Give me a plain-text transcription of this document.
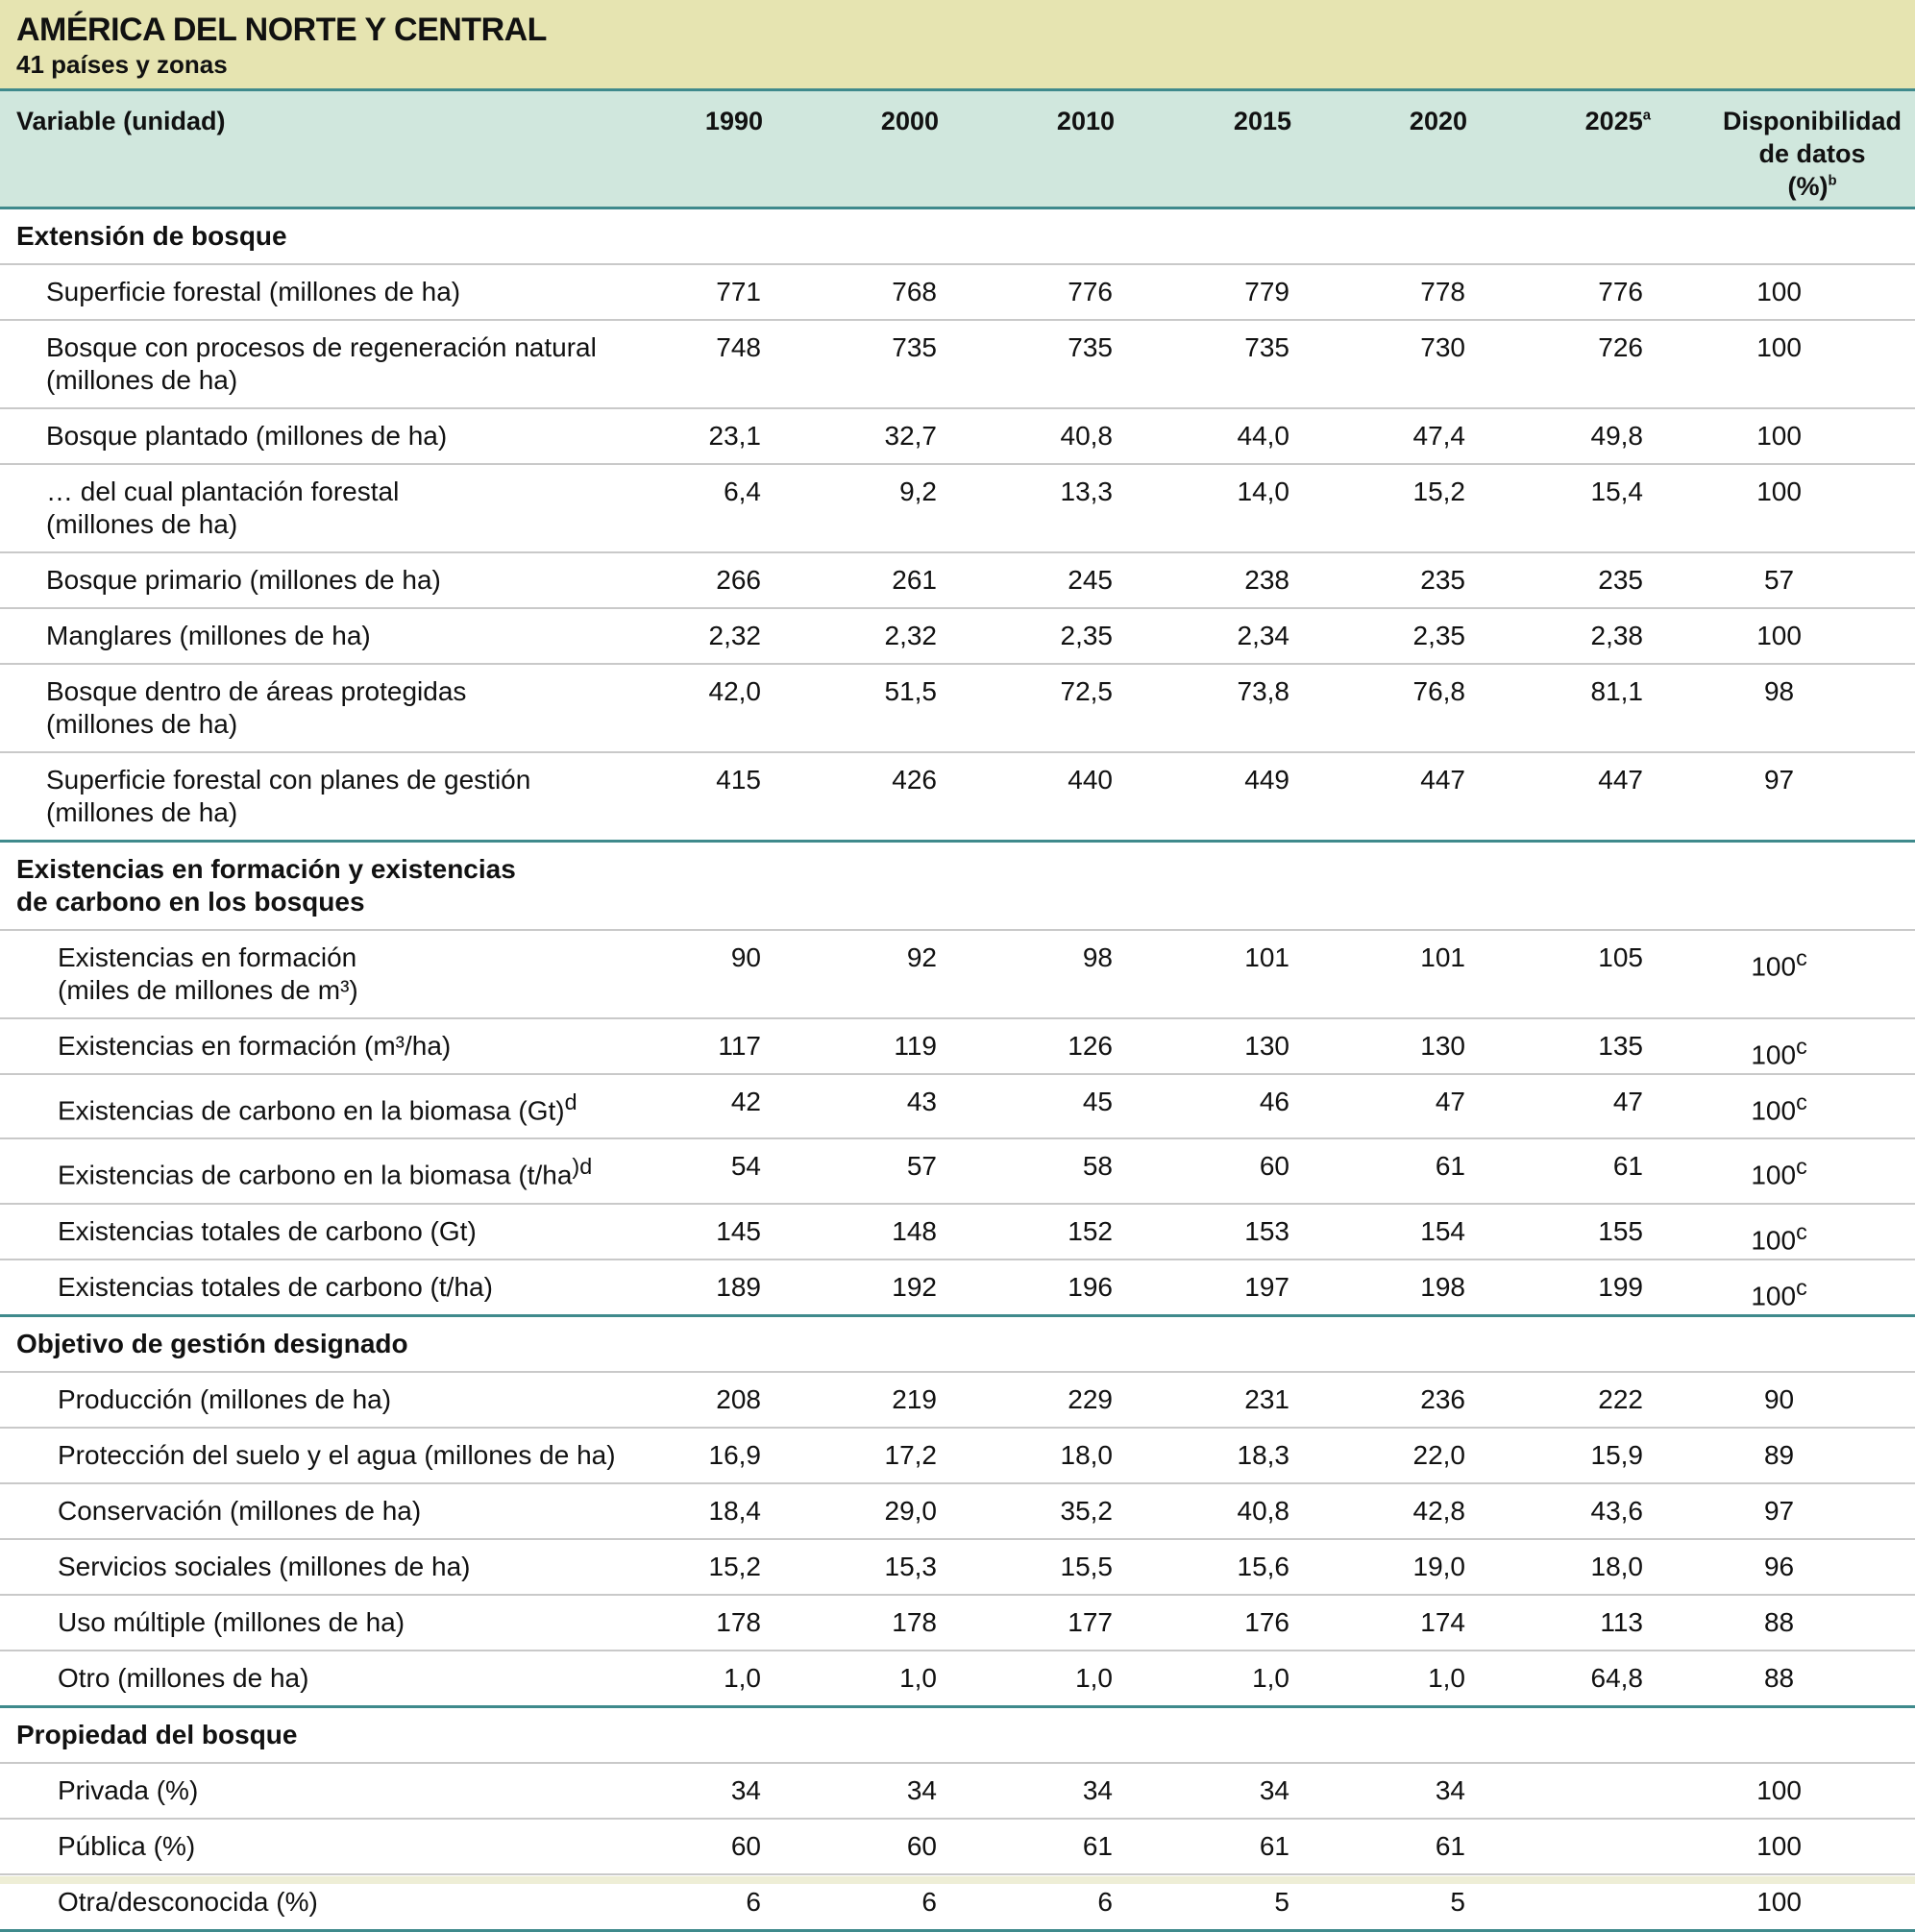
AMÉRICA DEL NORTE Y CENTRAL
41 países y zonas
Variable (unidad)	1990	2000	2010	2015	2020	2025$^a$	Disponibilidad
de datos
(%)$^b$
Extensión de bosque							
Superficie forestal (millones de ha)	771	768	776	779	778	776	100

Bosque con procesos de regeneración natural
(millones de ha)	748	735	735	735	730	726	100
Bosque plantado (millones de ha)	23,1	32,7	40,8	44,0	47,4	49,8	100

… del cual plantación forestal
(millones de ha)	6,4	9,2	13,3	14,0	15,2	15,4	100
Bosque primario (millones de ha)	266	261	245	238	235	235	57
Manglares (millones de ha)	2,32	2,32	2,35	2,34	2,35	2,38	100

Bosque dentro de áreas protegidas
(millones de ha)	42,0	51,5	72,5	73,8	76,8	81,1	98

Superficie forestal con planes de gestión
(millones de ha)	415	426	440	449	447	447	97
Existencias en formación y existencias de carbono en los bosques							

Existencias en formación
(miles de millones de m³)	90	92	98	101	101	105	100$^c$
Existencias en formación (m³/ha)	117	119	126	130	130	135	100$^c$
Existencias de carbono en la biomasa $(Gt)^d$	42	43	45	46	47	47	100$^c$
Existencias de carbono en la biomasa ($t/ha^{)d}$	54	57	58	60	61	61	100$^c$
Existencias totales de carbono (Gt)	145	148	152	153	154	155	100$^c$
Existencias totales de carbono (t/ha)	189	192	196	197	198	199	100$^c$
Objetivo de gestión designado							
Producción (millones de ha)	208	219	229	231	236	222	90
Protección del suelo y el agua (millones de ha)	16,9	17,2	18,0	18,3	22,0	15,9	89
Conservación (millones de ha)	18,4	29,0	35,2	40,8	42,8	43,6	97
Servicios sociales (millones de ha)	15,2	15,3	15,5	15,6	19,0	18,0	96
Uso múltiple (millones de ha)	178	178	177	176	174	113	88
Otro (millones de ha)	1,0	1,0	1,0	1,0	1,0	64,8	88
Propiedad del bosque							
Privada (%)	34	34	34	34	34		100
Pública (%)	60	60	61	61	61		100
Otra/desconocida (%)	6	6	6	5	5		100
